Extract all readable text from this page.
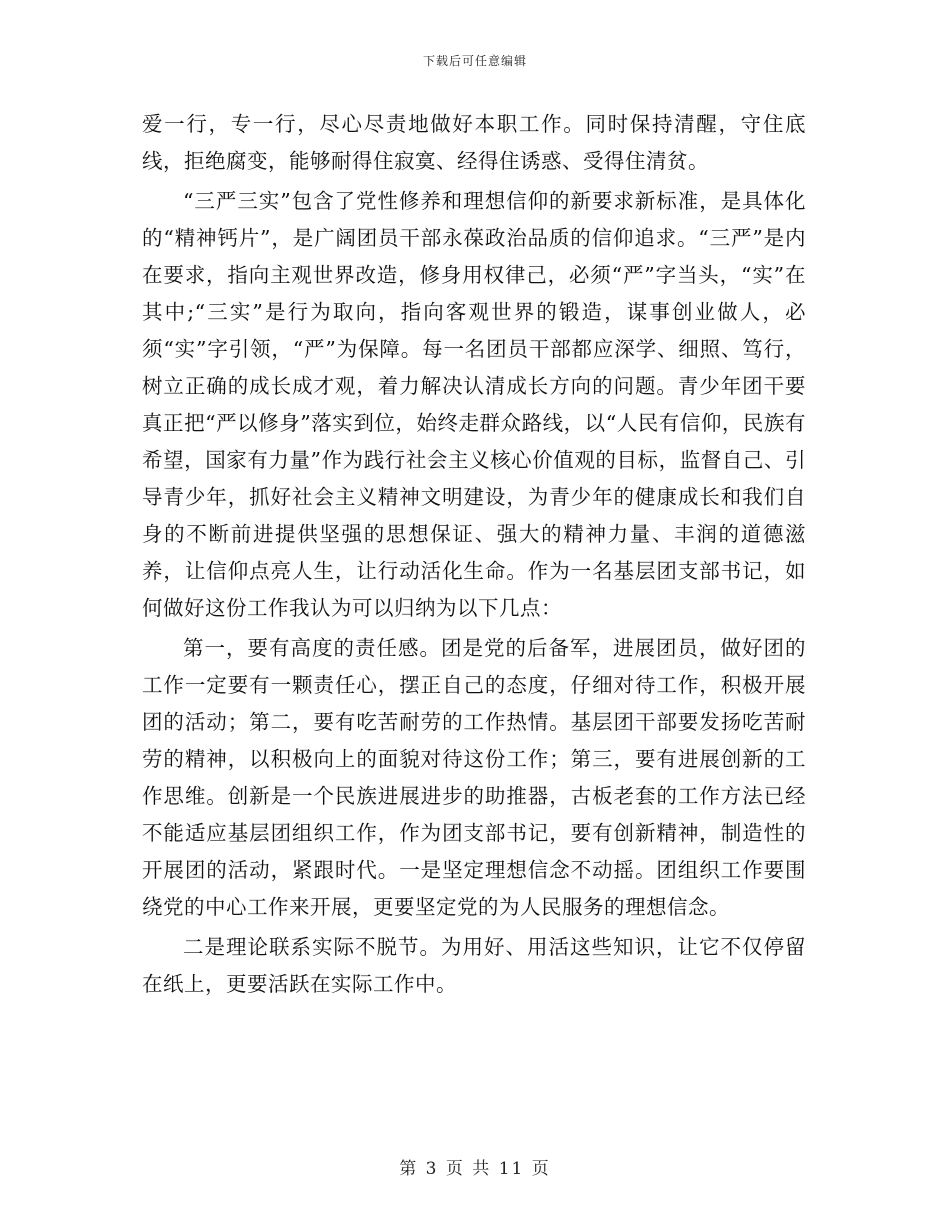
下载后可任意编辑

爱一行，专一行，尽心尽责地做好本职工作。同时保持清醒，守住底线，拒绝腐变，能够耐得住寂寞、经得住诱惑、受得住清贫。

“三严三实”包含了党性修养和理想信仰的新要求新标准，是具体化的“精神钙片”，是广阔团员干部永葆政治品质的信仰追求。“三严”是内在要求，指向主观世界改造，修身用权律己，必须“严”字当头，“实”在其中;“三实”是行为取向，指向客观世界的锻造，谋事创业做人，必须“实”字引领，“严”为保障。每一名团员干部都应深学、细照、笃行，树立正确的成长成才观，着力解决认清成长方向的问题。青少年团干要真正把“严以修身”落实到位，始终走群众路线，以“人民有信仰，民族有希望，国家有力量”作为践行社会主义核心价值观的目标，监督自己、引导青少年，抓好社会主义精神文明建设，为青少年的健康成长和我们自身的不断前进提供坚强的思想保证、强大的精神力量、丰润的道德滋养，让信仰点亮人生，让行动活化生命。作为一名基层团支部书记，如何做好这份工作我认为可以归纳为以下几点：

第一，要有高度的责任感。团是党的后备军，进展团员，做好团的工作一定要有一颗责任心，摆正自己的态度，仔细对待工作，积极开展团的活动；第二，要有吃苦耐劳的工作热情。基层团干部要发扬吃苦耐劳的精神，以积极向上的面貌对待这份工作；第三，要有进展创新的工作思维。创新是一个民族进展进步的助推器，古板老套的工作方法已经不能适应基层团组织工作，作为团支部书记，要有创新精神，制造性的开展团的活动，紧跟时代。一是坚定理想信念不动摇。团组织工作要围绕党的中心工作来开展，更要坚定党的为人民服务的理想信念。

二是理论联系实际不脱节。为用好、用活这些知识，让它不仅停留在纸上，更要活跃在实际工作中。

第 3 页 共 11 页
